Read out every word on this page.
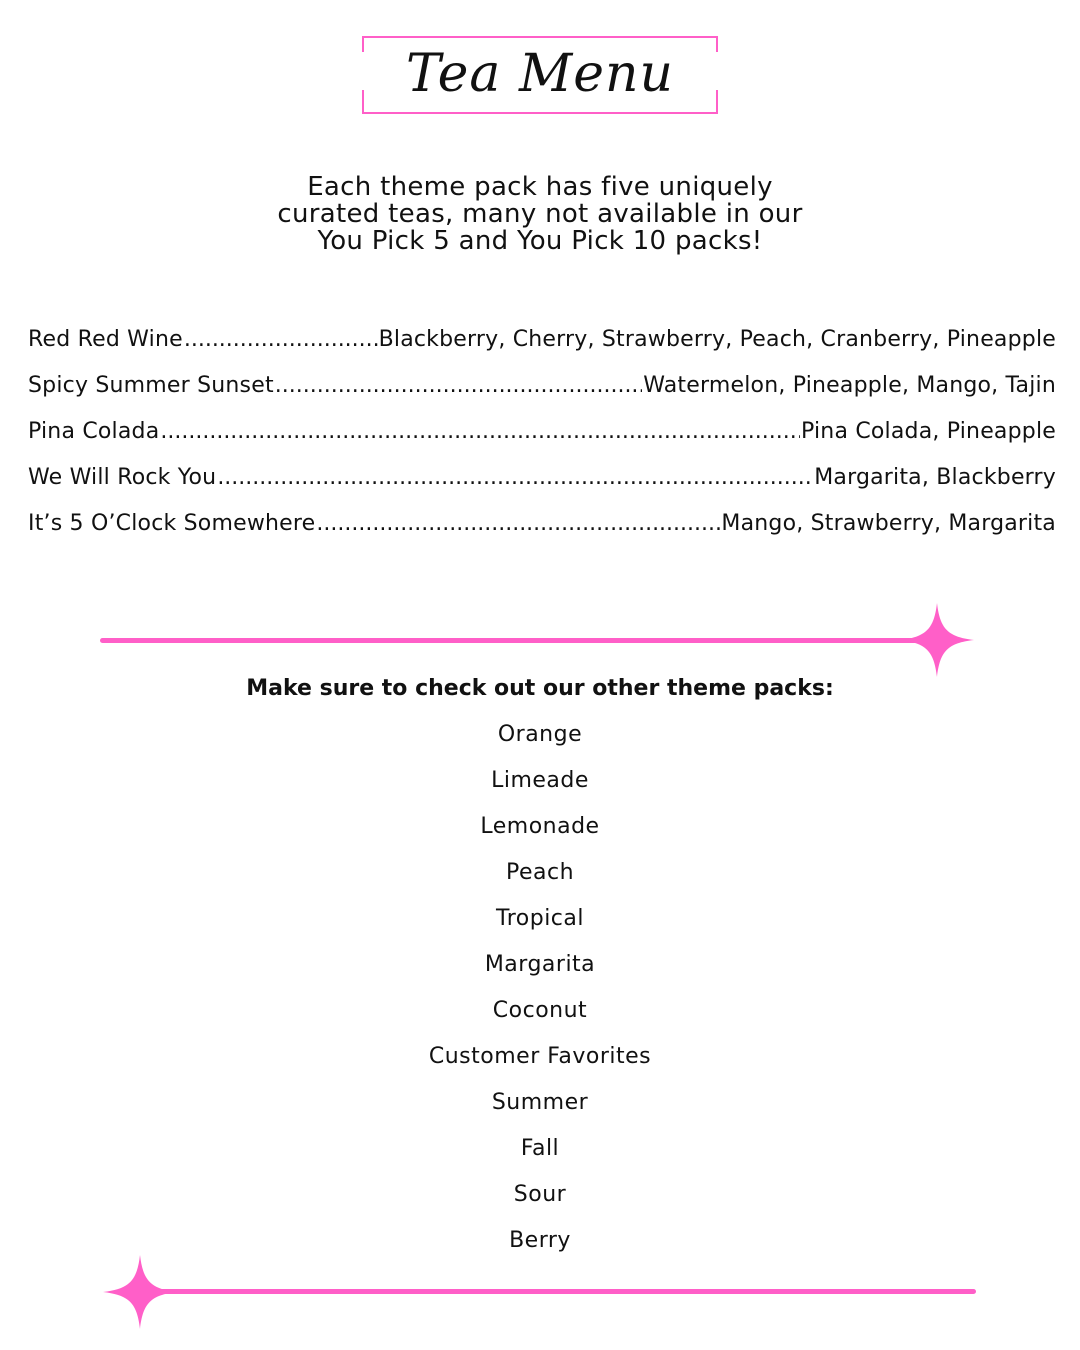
Tea Menu
Each theme pack has five uniquely
curated teas, many not available in our
You Pick 5 and You Pick 10 packs!
Red Red Wine .....	Blackberry, Cherry, Strawberry, Peach, Cranberry, Pineapple
Spicy Summer Sunset .....	Watermelon, Pineapple, Mango, Tajin
Pina Colada .....	Pina Colada, Pineapple
We Will Rock You .....	Margarita, Blackberry
It’s 5 O’Clock Somewhere .....	Mango, Strawberry, Margarita
Make sure to check out our other theme packs:
Orange
Limeade
Lemonade
Peach
Tropical
Margarita
Coconut
Customer Favorites
Summer
Fall
Sour
Berry
